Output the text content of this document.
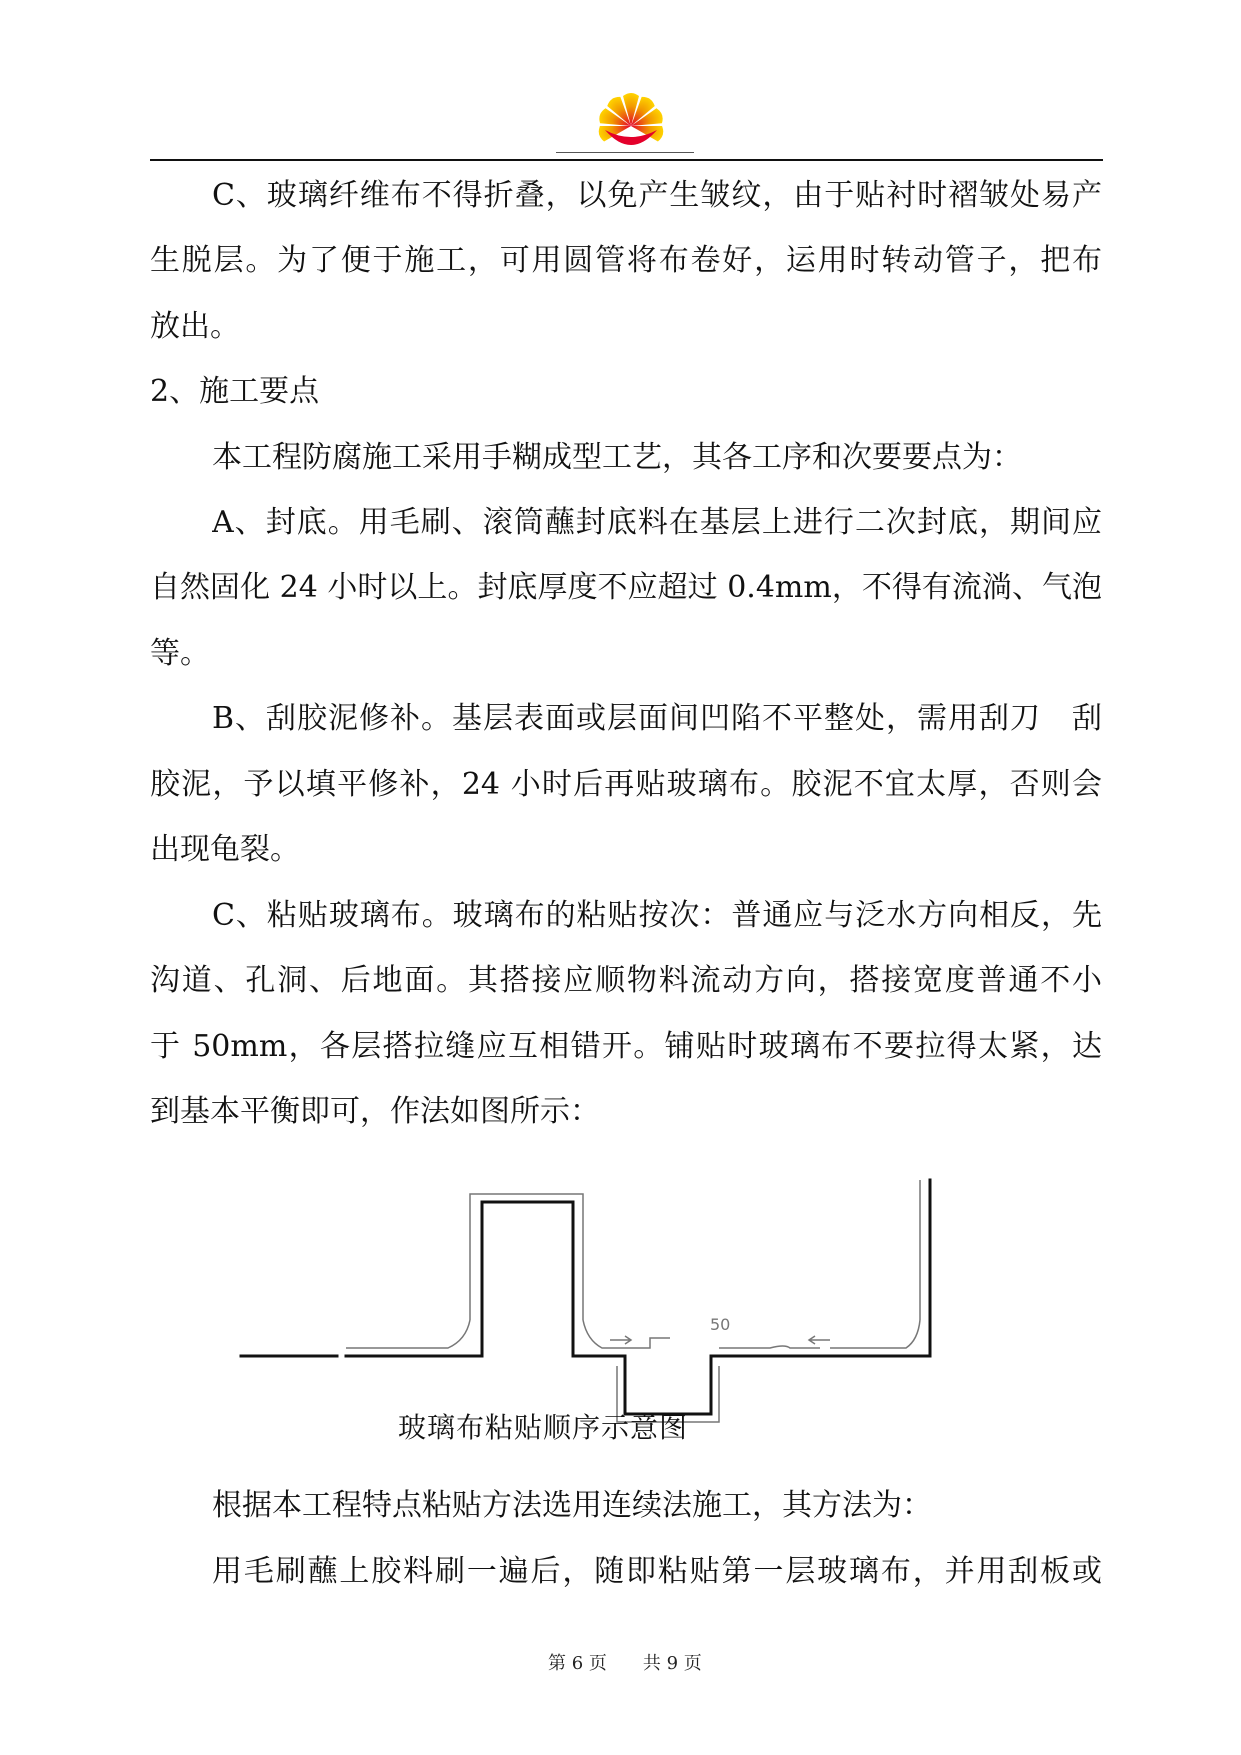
C、玻璃纤维布不得折叠，以免产生皱纹，由于贴衬时褶皱处易产
生脱层。为了便于施工，可用圆管将布卷好，运用时转动管子，把布
放出。
2、施工要点
本工程防腐施工采用手糊成型工艺，其各工序和次要要点为：
A、封底。用毛刷、滚筒蘸封底料在基层上进行二次封底，期间应
自然固化 24 小时以上。封底厚度不应超过 0.4mm，不得有流淌、气泡
等。
B、刮胶泥修补。基层表面或层面间凹陷不平整处，需用刮刀　刮
胶泥，予以填平修补，24 小时后再贴玻璃布。胶泥不宜太厚，否则会
出现龟裂。
C、粘贴玻璃布。玻璃布的粘贴按次：普通应与泛水方向相反，先
沟道、孔洞、后地面。其搭接应顺物料流动方向，搭接宽度普通不小
于 50mm，各层搭拉缝应互相错开。铺贴时玻璃布不要拉得太紧，达
到基本平衡即可，作法如图所示：
50
玻璃布粘贴顺序示意图
根据本工程特点粘贴方法选用连续法施工，其方法为：
用毛刷蘸上胶料刷一遍后，随即粘贴第一层玻璃布，并用刮板或
第 6 页 共 9 页
